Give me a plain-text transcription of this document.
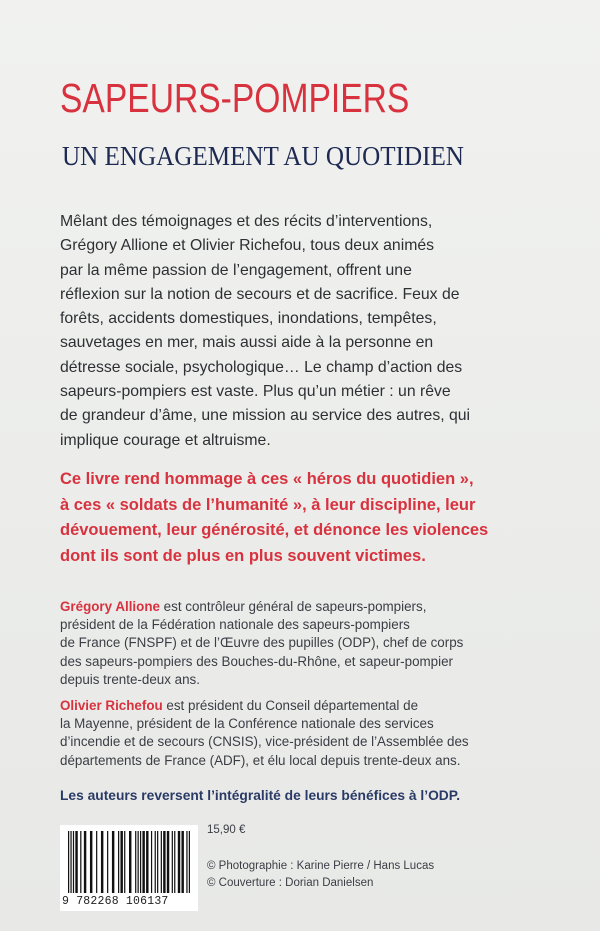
SAPEURS-POMPIERS
UN ENGAGEMENT AU QUOTIDIEN
Mêlant des témoignages et des récits d’interventions,
Grégory Allione et Olivier Richefou, tous deux animés
par la même passion de l’engagement, offrent une
réflexion sur la notion de secours et de sacrifice. Feux de
forêts, accidents domestiques, inondations, tempêtes,
sauvetages en mer, mais aussi aide à la personne en
détresse sociale, psychologique… Le champ d’action des
sapeurs-pompiers est vaste. Plus qu’un métier : un rêve
de grandeur d’âme, une mission au service des autres, qui
implique courage et altruisme.
Ce livre rend hommage à ces « héros du quotidien »,
à ces « soldats de l’humanité », à leur discipline, leur
dévouement, leur générosité, et dénonce les violences
dont ils sont de plus en plus souvent victimes.
Grégory Allione est contrôleur général de sapeurs-pompiers,
président de la Fédération nationale des sapeurs-pompiers
de France (FNSPF) et de l’Œuvre des pupilles (ODP), chef de corps
des sapeurs-pompiers des Bouches-du-Rhône, et sapeur-pompier
depuis trente-deux ans.
Olivier Richefou est président du Conseil départemental de
la Mayenne, président de la Conférence nationale des services
d’incendie et de secours (CNSIS), vice-président de l’Assemblée des
départements de France (ADF), et élu local depuis trente-deux ans.
Les auteurs reversent l’intégralité de leurs bénéfices à l’ODP.
9 782268 106137
15,90 €
© Photographie : Karine Pierre / Hans Lucas
© Couverture : Dorian Danielsen
